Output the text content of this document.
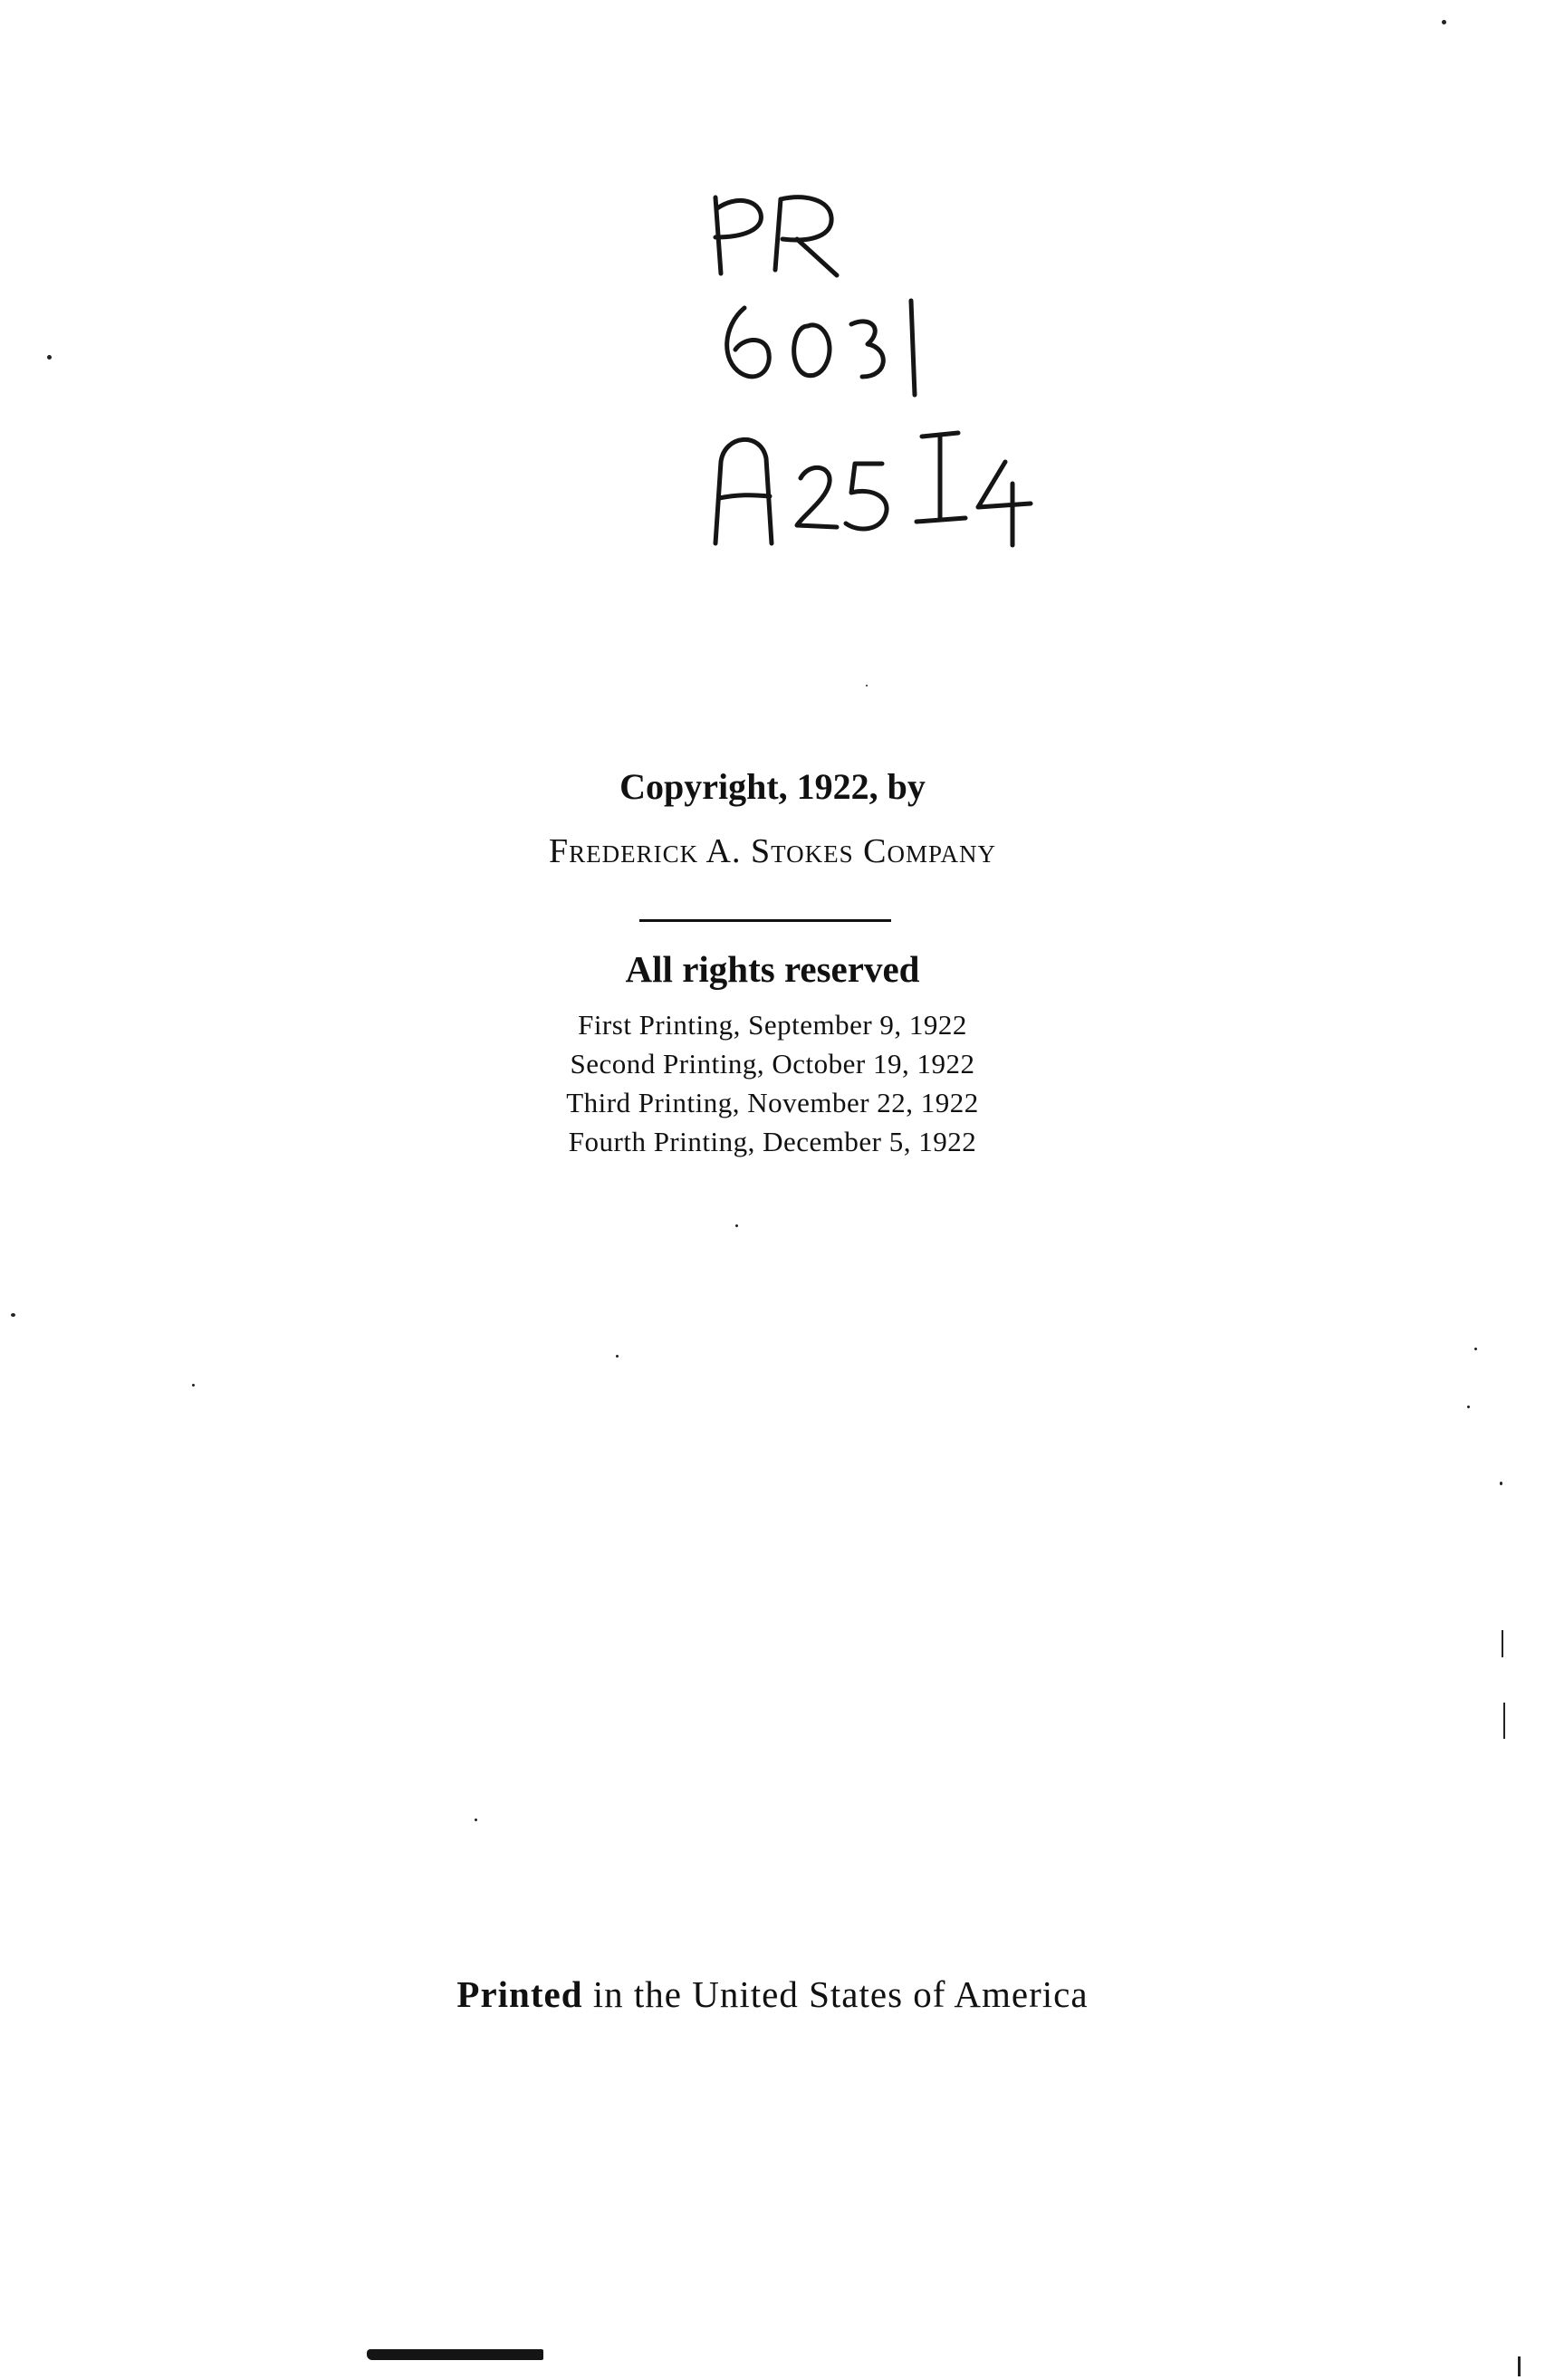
Copyright, 1922, by
Frederick A. Stokes Company
All rights reserved
First Printing, September 9, 1922
Second Printing, October 19, 1922
Third Printing, November 22, 1922
Fourth Printing, December 5, 1922
Printed in the United States of America
